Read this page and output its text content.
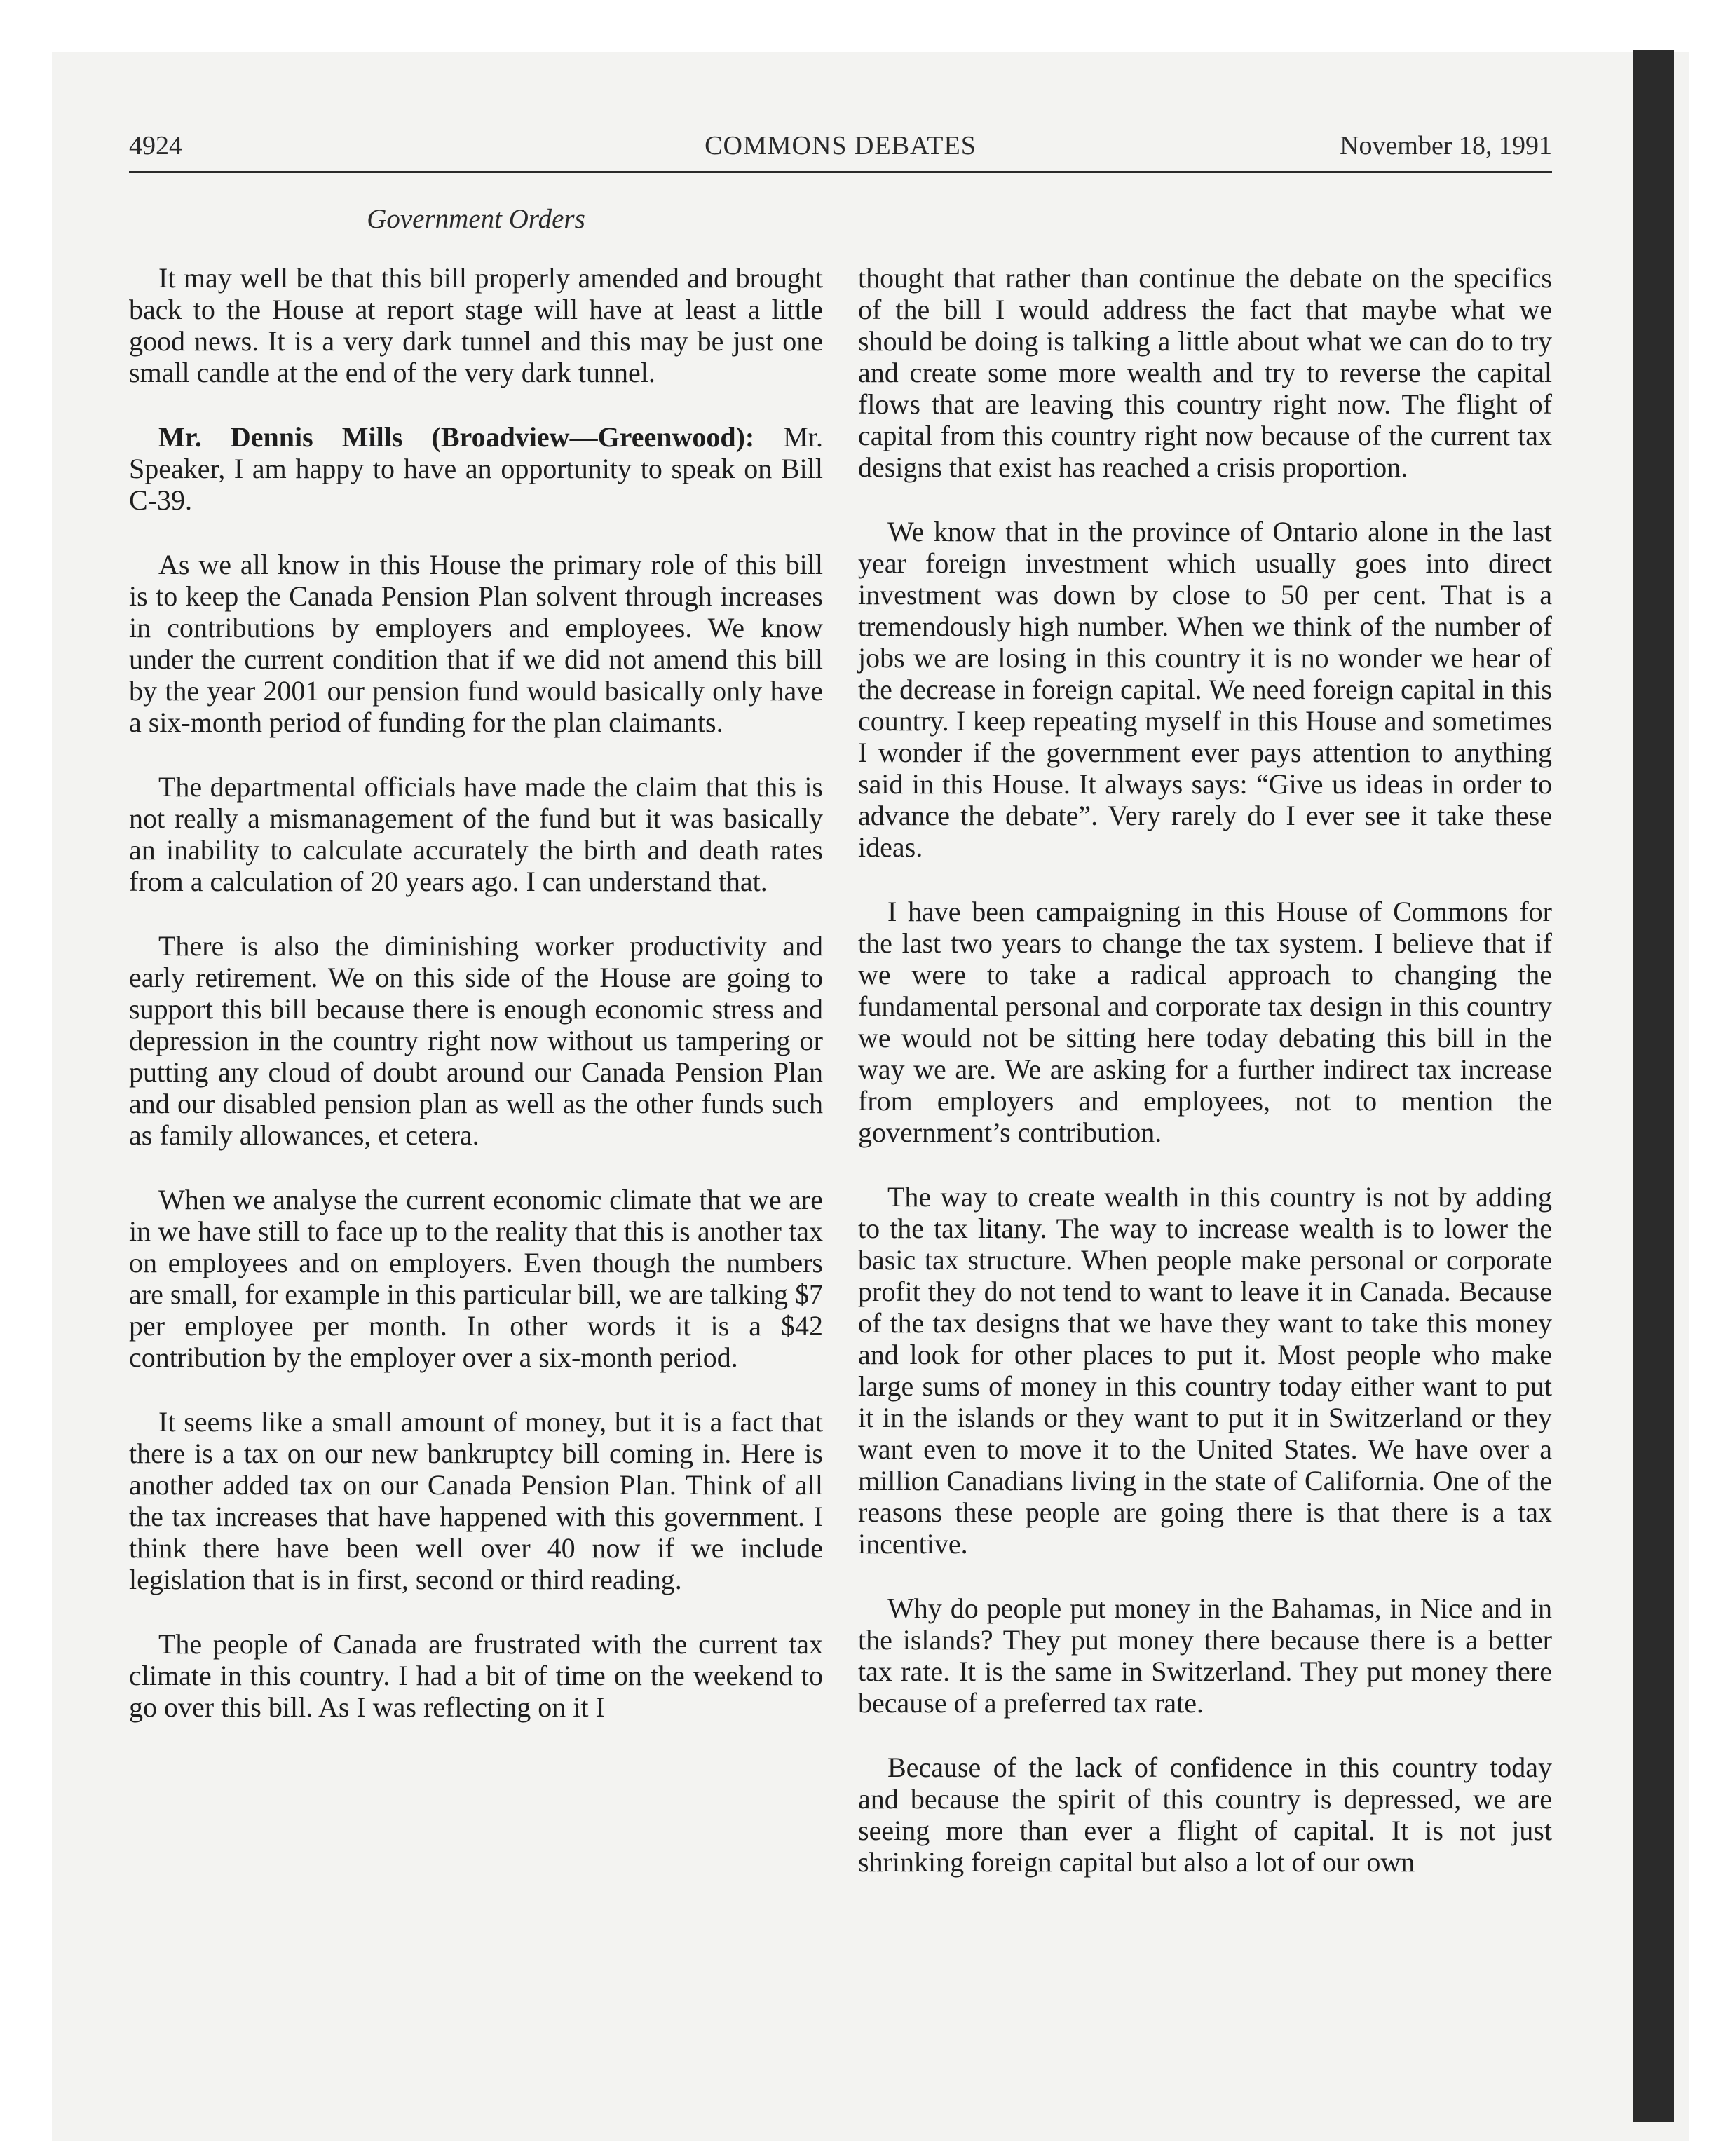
4924	COMMONS DEBATES	November 18, 1991
Government Orders

It may well be that this bill properly amended and brought back to the House at report stage will have at least a little good news. It is a very dark tunnel and this may be just one small candle at the end of the very dark tunnel.

Mr. Dennis Mills (Broadview—Greenwood): Mr. Speaker, I am happy to have an opportunity to speak on Bill C-39.

As we all know in this House the primary role of this bill is to keep the Canada Pension Plan solvent through increases in contributions by employers and employees. We know under the current condition that if we did not amend this bill by the year 2001 our pension fund would basically only have a six-month period of funding for the plan claimants.

The departmental officials have made the claim that this is not really a mismanagement of the fund but it was basically an inability to calculate accurately the birth and death rates from a calculation of 20 years ago. I can understand that.

There is also the diminishing worker productivity and early retirement. We on this side of the House are going to support this bill because there is enough economic stress and depression in the country right now without us tampering or putting any cloud of doubt around our Canada Pension Plan and our disabled pension plan as well as the other funds such as family allowances, et cetera.

When we analyse the current economic climate that we are in we have still to face up to the reality that this is another tax on employees and on employers. Even though the numbers are small, for example in this particular bill, we are talking $7 per employee per month. In other words it is a $42 contribution by the employer over a six-month period.

It seems like a small amount of money, but it is a fact that there is a tax on our new bankruptcy bill coming in. Here is another added tax on our Canada Pension Plan. Think of all the tax increases that have happened with this government. I think there have been well over 40 now if we include legislation that is in first, second or third reading.

The people of Canada are frustrated with the current tax climate in this country. I had a bit of time on the weekend to go over this bill. As I was reflecting on it I

thought that rather than continue the debate on the specifics of the bill I would address the fact that maybe what we should be doing is talking a little about what we can do to try and create some more wealth and try to reverse the capital flows that are leaving this country right now. The flight of capital from this country right now because of the current tax designs that exist has reached a crisis proportion.

We know that in the province of Ontario alone in the last year foreign investment which usually goes into direct investment was down by close to 50 per cent. That is a tremendously high number. When we think of the number of jobs we are losing in this country it is no wonder we hear of the decrease in foreign capital. We need foreign capital in this country. I keep repeating myself in this House and sometimes I wonder if the government ever pays attention to anything said in this House. It always says: “Give us ideas in order to advance the debate”. Very rarely do I ever see it take these ideas.

I have been campaigning in this House of Commons for the last two years to change the tax system. I believe that if we were to take a radical approach to changing the fundamental personal and corporate tax design in this country we would not be sitting here today debating this bill in the way we are. We are asking for a further indirect tax increase from employers and employees, not to mention the government’s contribution.

The way to create wealth in this country is not by adding to the tax litany. The way to increase wealth is to lower the basic tax structure. When people make personal or corporate profit they do not tend to want to leave it in Canada. Because of the tax designs that we have they want to take this money and look for other places to put it. Most people who make large sums of money in this country today either want to put it in the islands or they want to put it in Switzerland or they want even to move it to the United States. We have over a million Canadians living in the state of California. One of the reasons these people are going there is that there is a tax incentive.

Why do people put money in the Bahamas, in Nice and in the islands? They put money there because there is a better tax rate. It is the same in Switzerland. They put money there because of a preferred tax rate.

Because of the lack of confidence in this country today and because the spirit of this country is depressed, we are seeing more than ever a flight of capital. It is not just shrinking foreign capital but also a lot of our own
